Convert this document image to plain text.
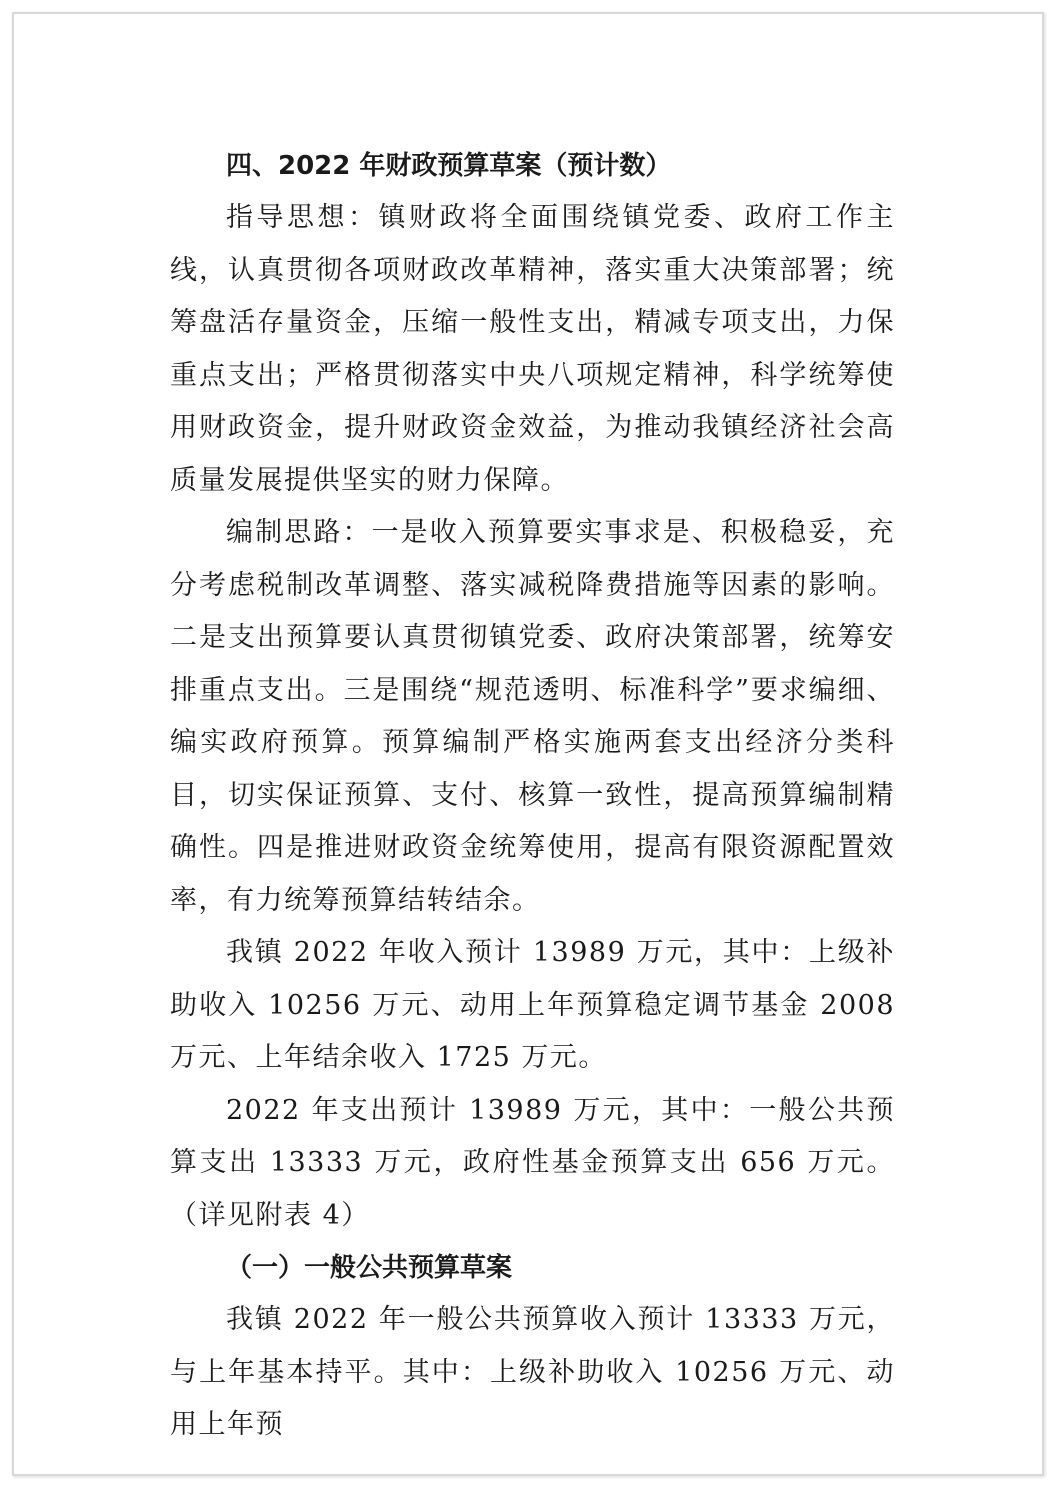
四、2022 年财政预算草案（预计数）

指导思想：镇财政将全面围绕镇党委、政府工作主线，认真贯彻各项财政改革精神，落实重大决策部署；统筹盘活存量资金，压缩一般性支出，精减专项支出，力保重点支出；严格贯彻落实中央八项规定精神，科学统筹使用财政资金，提升财政资金效益，为推动我镇经济社会高质量发展提供坚实的财力保障。

编制思路：一是收入预算要实事求是、积极稳妥，充分考虑税制改革调整、落实减税降费措施等因素的影响。二是支出预算要认真贯彻镇党委、政府决策部署，统筹安排重点支出。三是围绕“规范透明、标准科学”要求编细、编实政府预算。预算编制严格实施两套支出经济分类科目，切实保证预算、支付、核算一致性，提高预算编制精确性。四是推进财政资金统筹使用，提高有限资源配置效率，有力统筹预算结转结余。

我镇 2022 年收入预计 13989 万元，其中：上级补助收入 10256 万元、动用上年预算稳定调节基金 2008 万元、上年结余收入 1725 万元。

2022 年支出预计 13989 万元，其中：一般公共预算支出 13333 万元，政府性基金预算支出 656 万元。（详见附表 4）

（一）一般公共预算草案

我镇 2022 年一般公共预算收入预计 13333 万元，与上年基本持平。其中：上级补助收入 10256 万元、动用上年预
